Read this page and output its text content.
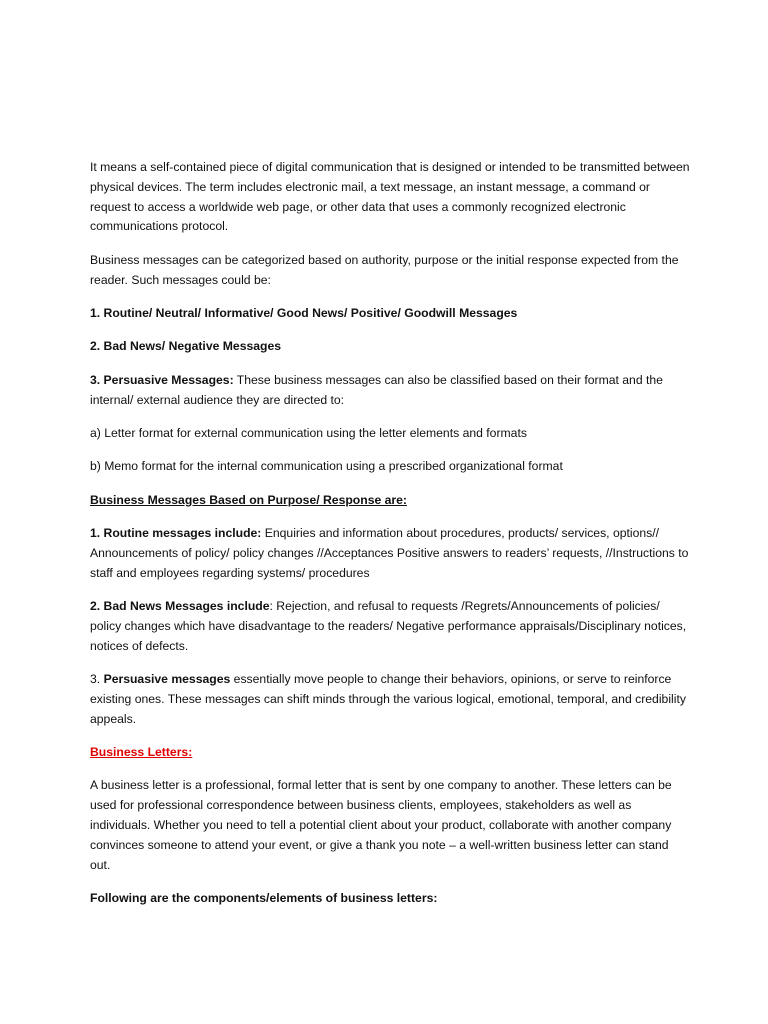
It means a self-contained piece of digital communication that is designed or intended to be transmitted between physical devices. The term includes electronic mail, a text message, an instant message, a command or request to access a worldwide web page, or other data that uses a commonly recognized electronic communications protocol.

Business messages can be categorized based on authority, purpose or the initial response expected from the reader. Such messages could be:

1. Routine/ Neutral/ Informative/ Good News/ Positive/ Goodwill Messages

2. Bad News/ Negative Messages

3. Persuasive Messages: These business messages can also be classified based on their format and the internal/ external audience they are directed to:

a) Letter format for external communication using the letter elements and formats

b) Memo format for the internal communication using a prescribed organizational format

Business Messages Based on Purpose/ Response are:

1. Routine messages include: Enquiries and information about procedures, products/ services, options// Announcements of policy/ policy changes //Acceptances Positive answers to readers’ requests, //Instructions to staff and employees regarding systems/ procedures

2. Bad News Messages include: Rejection, and refusal to requests /Regrets/Announcements of policies/ policy changes which have disadvantage to the readers/ Negative performance appraisals/Disciplinary notices, notices of defects.

3. Persuasive messages essentially move people to change their behaviors, opinions, or serve to reinforce existing ones. These messages can shift minds through the various logical, emotional, temporal, and credibility appeals.

Business Letters:

A business letter is a professional, formal letter that is sent by one company to another. These letters can be used for professional correspondence between business clients, employees, stakeholders as well as individuals. Whether you need to tell a potential client about your product, collaborate with another company convinces someone to attend your event, or give a thank you note – a well-written business letter can stand out.

Following are the components/elements of business letters:
